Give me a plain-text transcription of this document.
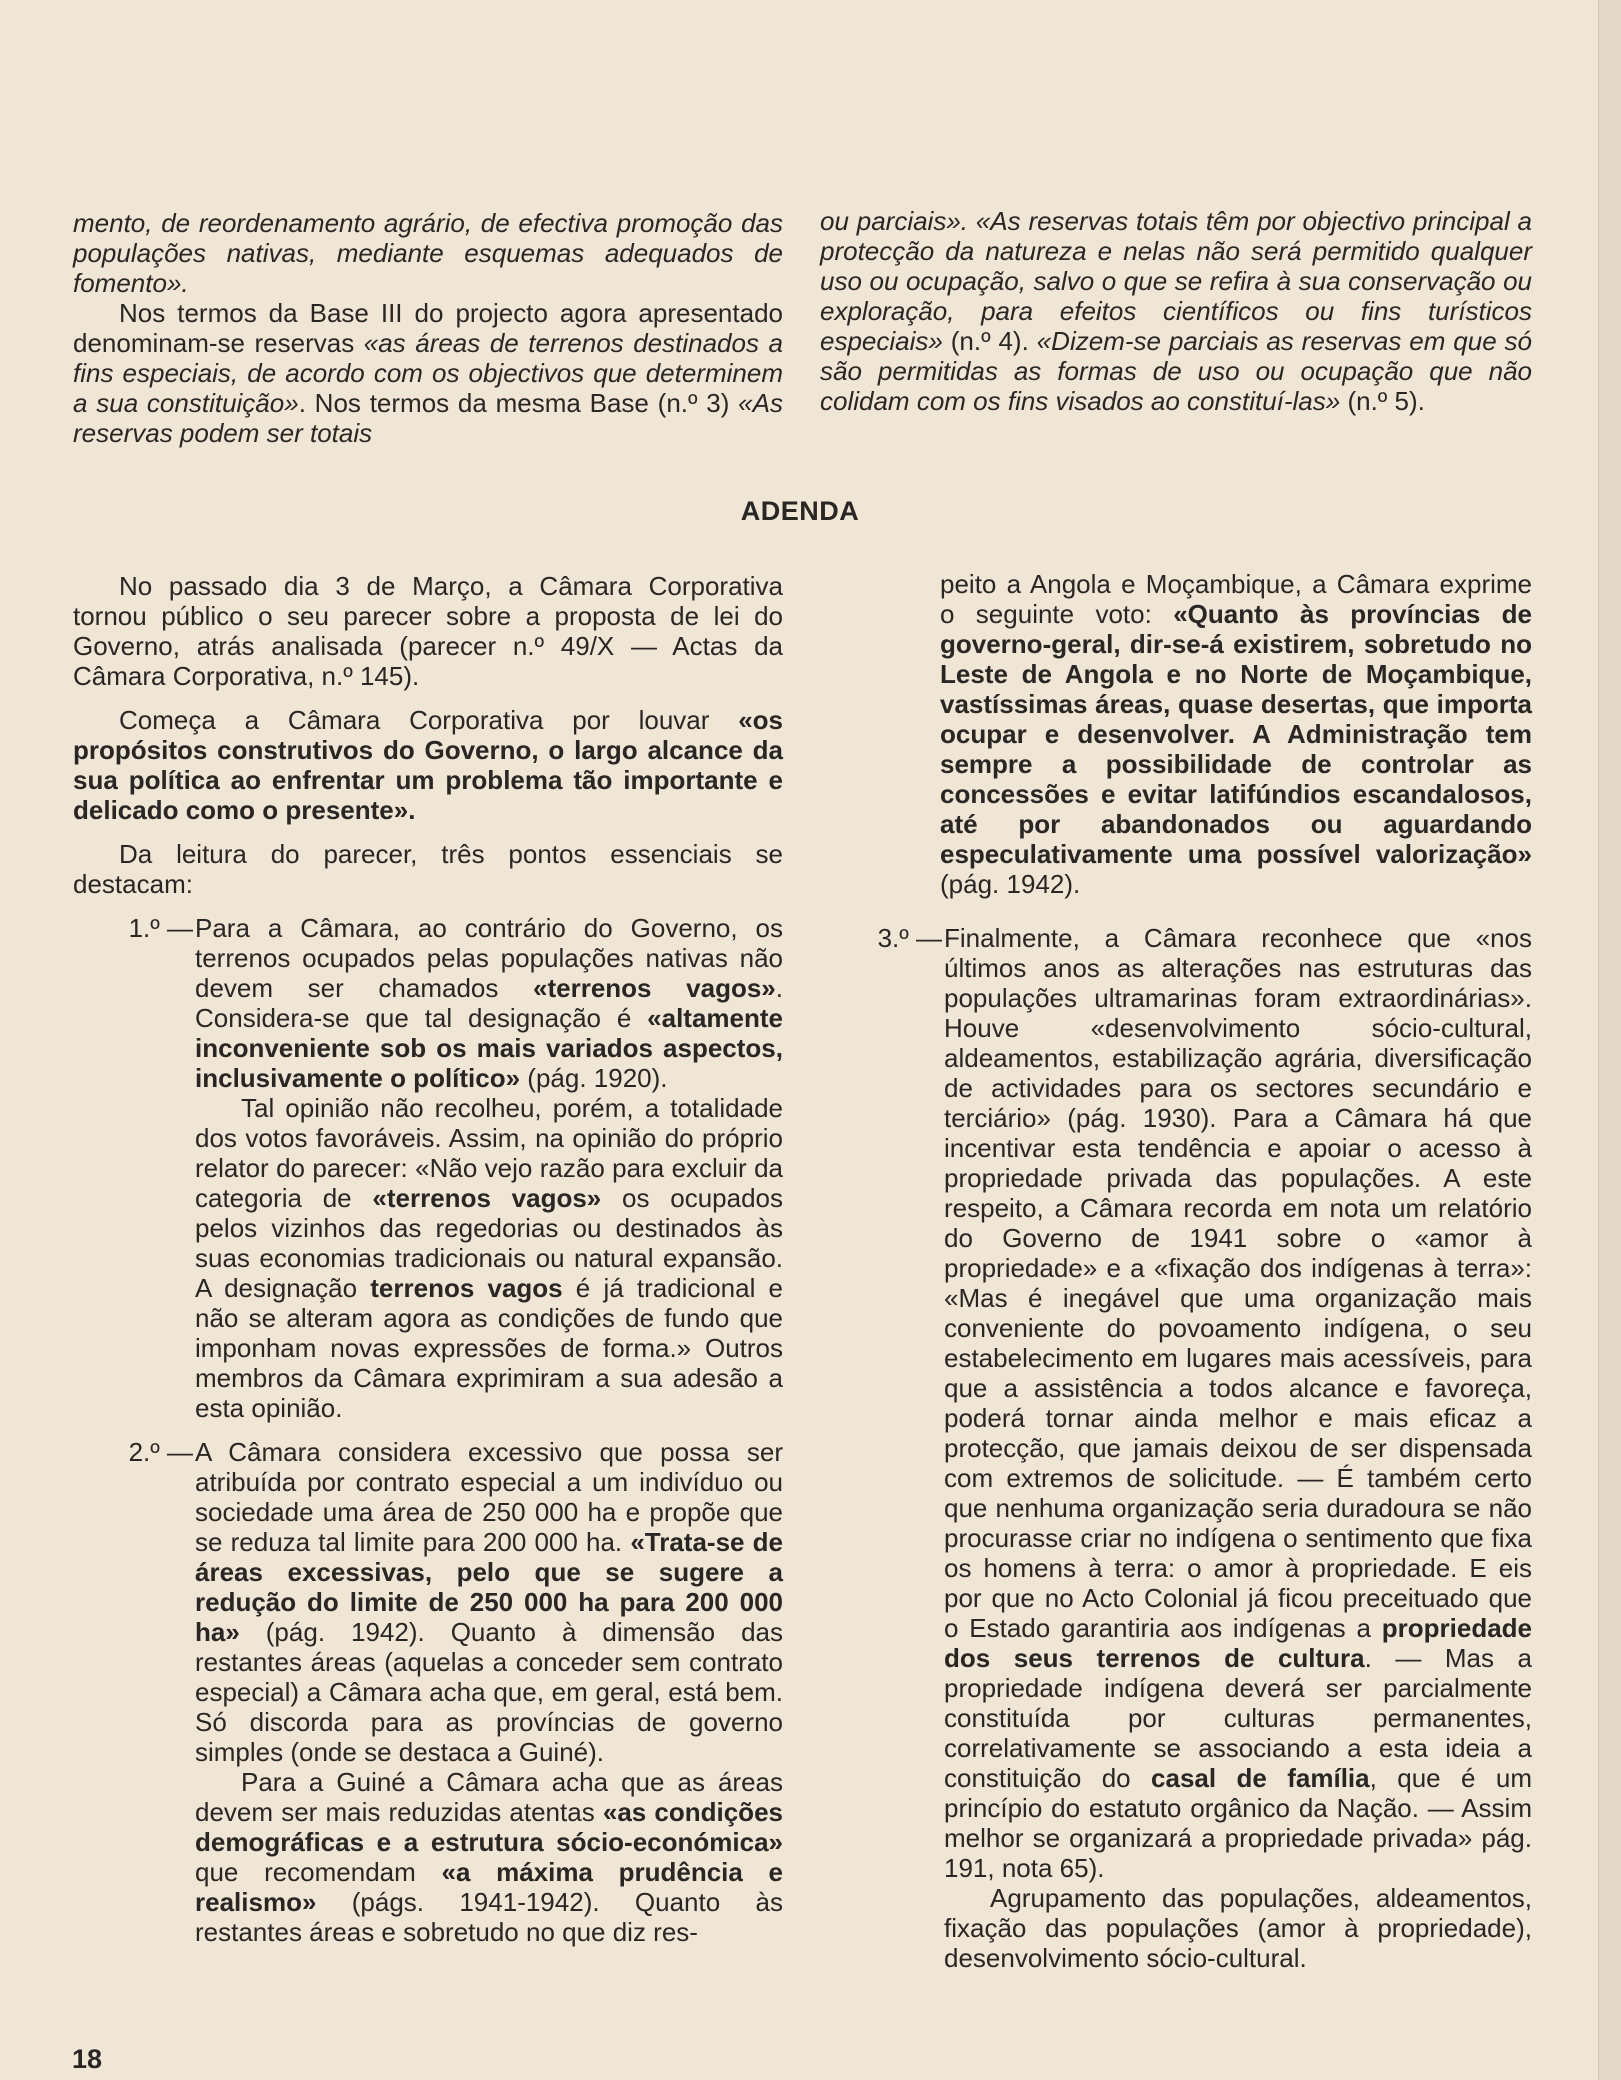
mento, de reordenamento agrário, de efectiva promoção das populações nativas, mediante esquemas adequados de fomento».

Nos termos da Base III do projecto agora apresentado denominam-se reservas «as áreas de terrenos destinados a fins especiais, de acordo com os objectivos que determinem a sua constituição». Nos termos da mesma Base (n.º 3) «As reservas podem ser totais

ou parciais». «As reservas totais têm por objectivo principal a protecção da natureza e nelas não será permitido qualquer uso ou ocupação, salvo o que se refira à sua conservação ou exploração, para efeitos científicos ou fins turísticos especiais» (n.º 4). «Dizem-se parciais as reservas em que só são permitidas as formas de uso ou ocupação que não colidam com os fins visados ao constituí-las» (n.º 5).

ADENDA

No passado dia 3 de Março, a Câmara Corporativa tornou público o seu parecer sobre a proposta de lei do Governo, atrás analisada (parecer n.º 49/X — Actas da Câmara Corporativa, n.º 145).

Começa a Câmara Corporativa por louvar «os propósitos construtivos do Governo, o largo alcance da sua política ao enfrentar um problema tão importante e delicado como o presente».

Da leitura do parecer, três pontos essenciais se destacam:

1.º — Para a Câmara, ao contrário do Governo, os terrenos ocupados pelas populações nativas não devem ser chamados «terrenos vagos». Considera-se que tal designação é «altamente inconveniente sob os mais variados aspectos, inclusivamente o político» (pág. 1920).

Tal opinião não recolheu, porém, a totalidade dos votos favoráveis. Assim, na opinião do próprio relator do parecer: «Não vejo razão para excluir da categoria de «terrenos vagos» os ocupados pelos vizinhos das regedorias ou destinados às suas economias tradicionais ou natural expansão. A designação terrenos vagos é já tradicional e não se alteram agora as condições de fundo que imponham novas expressões de forma.» Outros membros da Câmara exprimiram a sua adesão a esta opinião.

2.º — A Câmara considera excessivo que possa ser atribuída por contrato especial a um indivíduo ou sociedade uma área de 250 000 ha e propõe que se reduza tal limite para 200 000 ha. «Trata-se de áreas excessivas, pelo que se sugere a redução do limite de 250 000 ha para 200 000 ha» (pág. 1942). Quanto à dimensão das restantes áreas (aquelas a conceder sem contrato especial) a Câmara acha que, em geral, está bem. Só discorda para as províncias de governo simples (onde se destaca a Guiné).

Para a Guiné a Câmara acha que as áreas devem ser mais reduzidas atentas «as condições demográficas e a estrutura sócio-económica» que recomendam «a máxima prudência e realismo» (págs. 1941-1942). Quanto às restantes áreas e sobretudo no que diz res-

peito a Angola e Moçambique, a Câmara exprime o seguinte voto: «Quanto às províncias de governo-geral, dir-se-á existirem, sobretudo no Leste de Angola e no Norte de Moçambique, vastíssimas áreas, quase desertas, que importa ocupar e desenvolver. A Administração tem sempre a possibilidade de controlar as concessões e evitar latifúndios escandalosos, até por abandonados ou aguardando especulativamente uma possível valorização» (pág. 1942).

3.º — Finalmente, a Câmara reconhece que «nos últimos anos as alterações nas estruturas das populações ultramarinas foram extraordinárias». Houve «desenvolvimento sócio-cultural, aldeamentos, estabilização agrária, diversificação de actividades para os sectores secundário e terciário» (pág. 1930). Para a Câmara há que incentivar esta tendência e apoiar o acesso à propriedade privada das populações. A este respeito, a Câmara recorda em nota um relatório do Governo de 1941 sobre o «amor à propriedade» e a «fixação dos indígenas à terra»: «Mas é inegável que uma organização mais conveniente do povoamento indígena, o seu estabelecimento em lugares mais acessíveis, para que a assistência a todos alcance e favoreça, poderá tornar ainda melhor e mais eficaz a protecção, que jamais deixou de ser dispensada com extremos de solicitude. — É também certo que nenhuma organização seria duradoura se não procurasse criar no indígena o sentimento que fixa os homens à terra: o amor à propriedade. E eis por que no Acto Colonial já ficou preceituado que o Estado garantiria aos indígenas a propriedade dos seus terrenos de cultura. — Mas a propriedade indígena deverá ser parcialmente constituída por culturas permanentes, correlativamente se associando a esta ideia a constituição do casal de família, que é um princípio do estatuto orgânico da Nação. — Assim melhor se organizará a propriedade privada» pág. 191, nota 65).

Agrupamento das populações, aldeamentos, fixação das populações (amor à propriedade), desenvolvimento sócio-cultural.

18
